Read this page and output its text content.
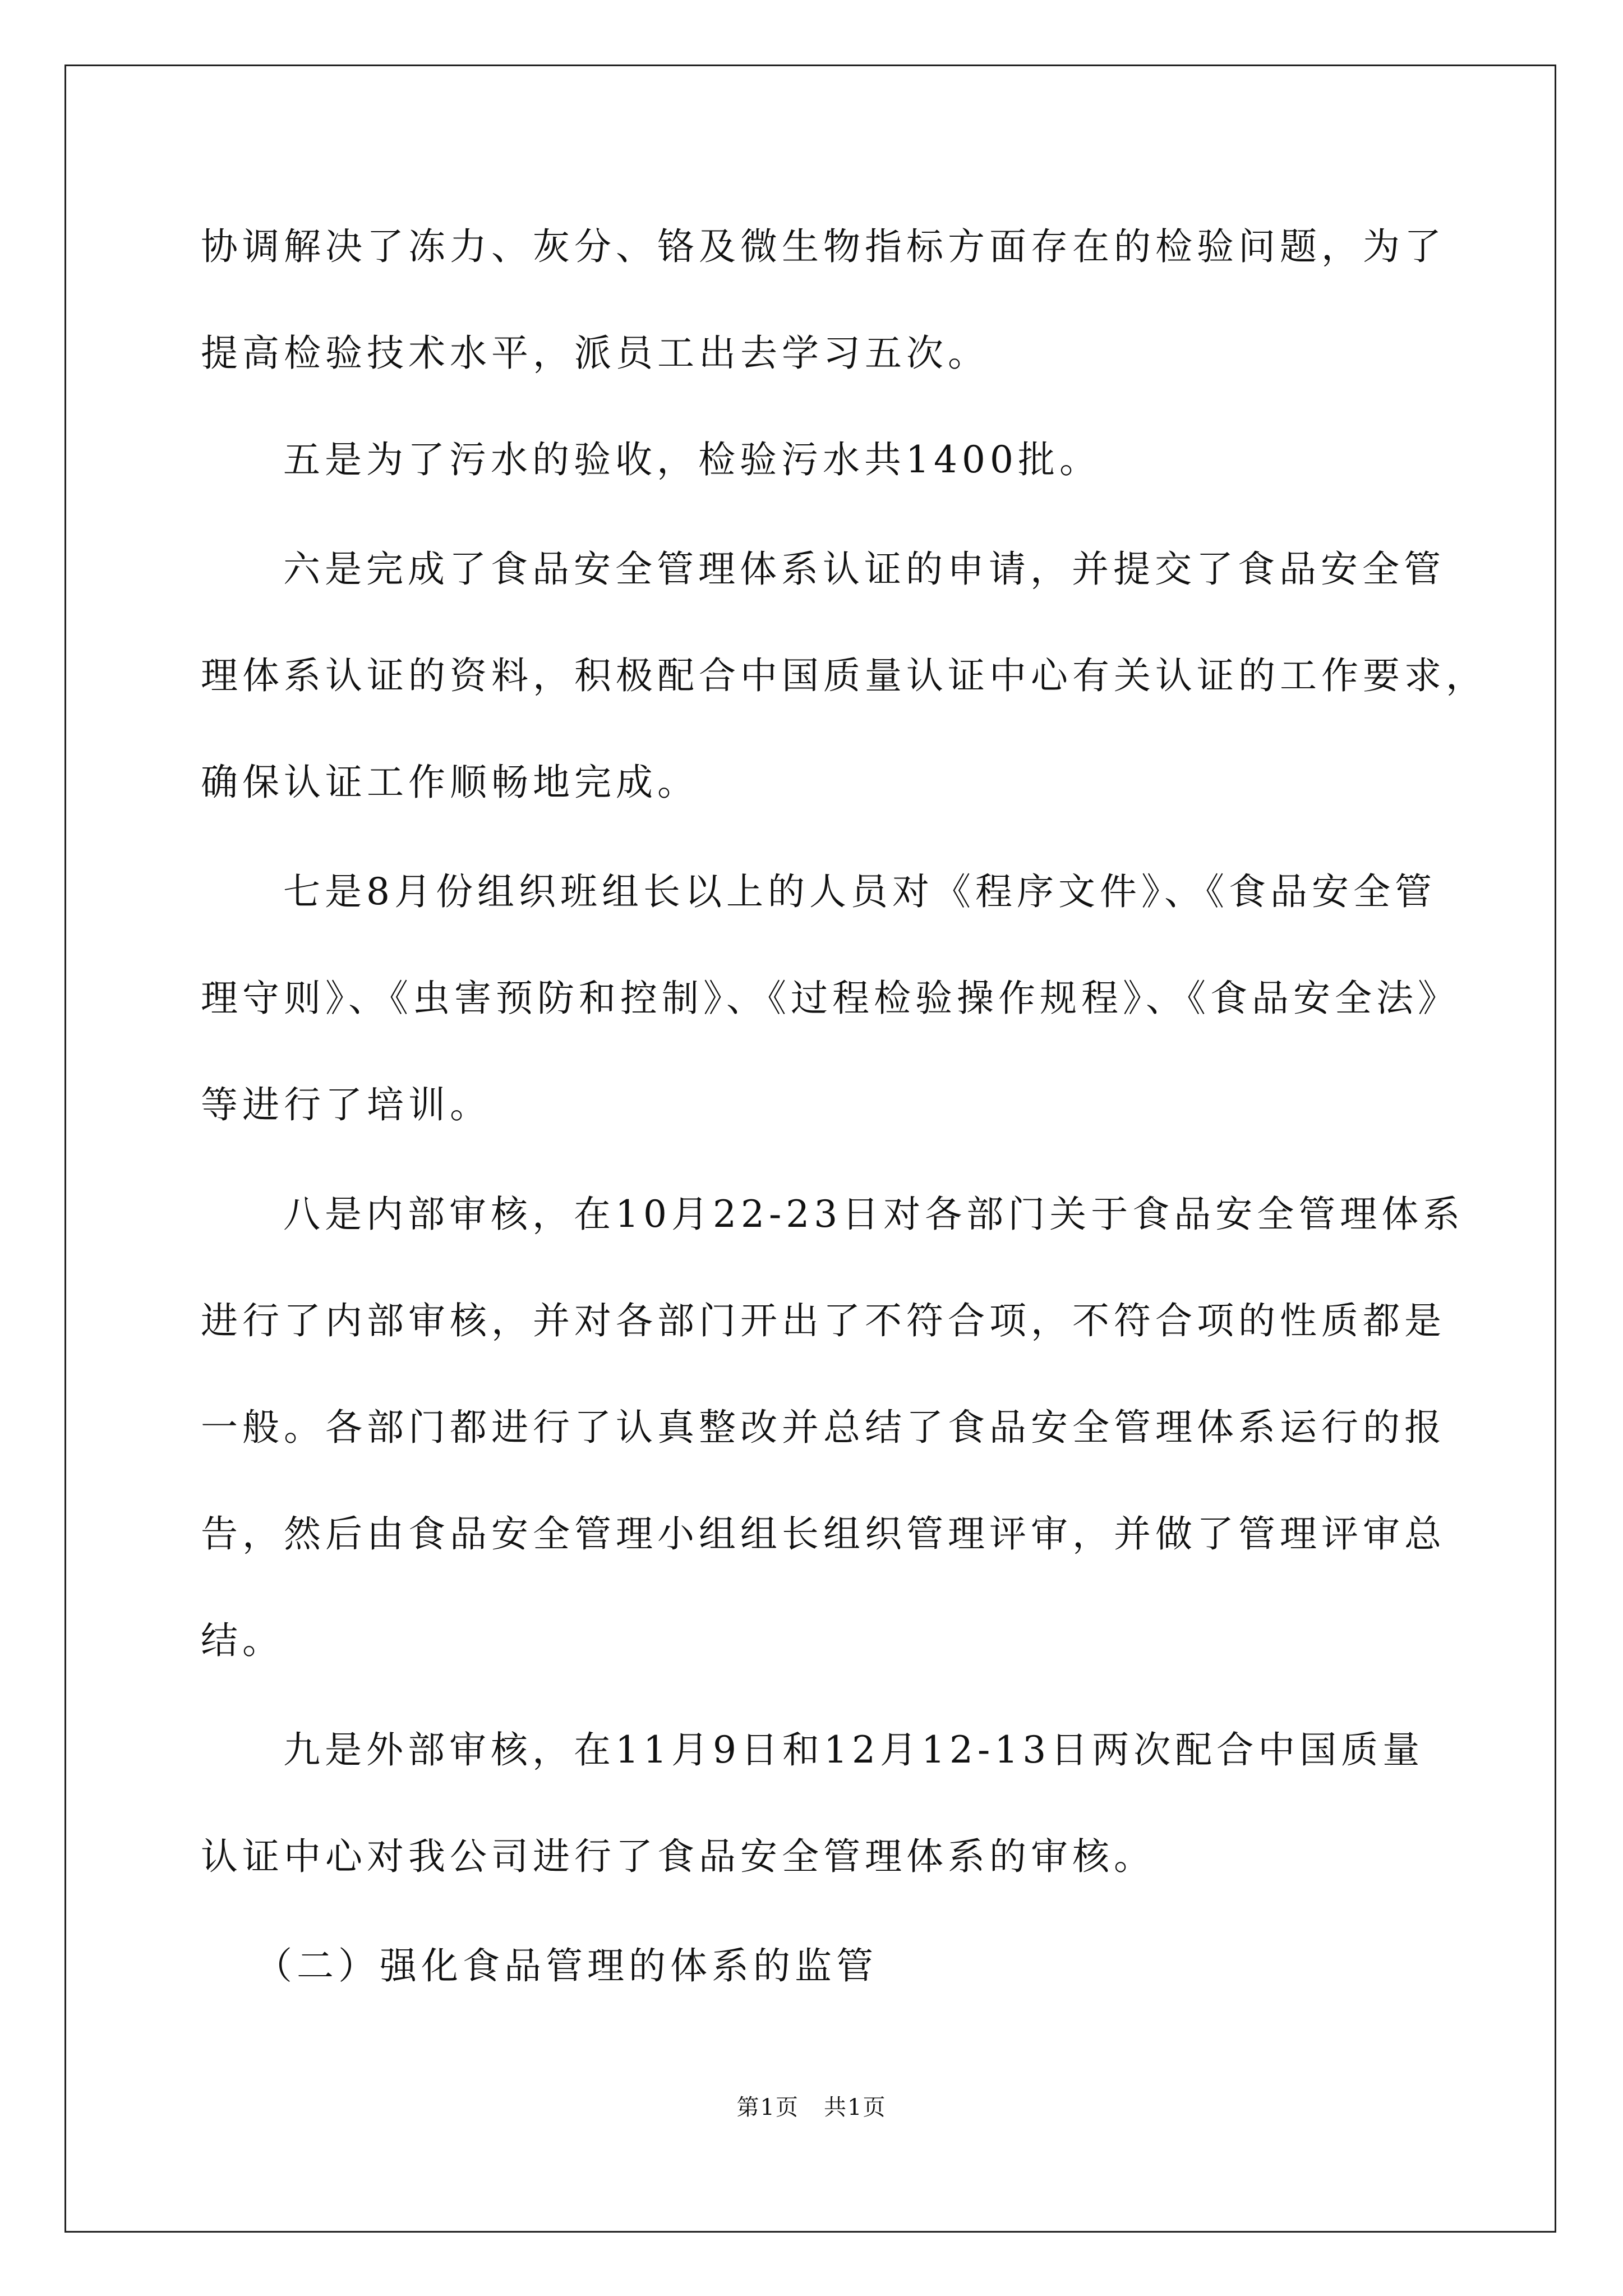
协调解决了冻力、灰分、铬及微生物指标方面存在的检验问题，为了
提高检验技术水平，派员工出去学习五次。
五是为了污水的验收，检验污水共1400批。
六是完成了食品安全管理体系认证的申请，并提交了食品安全管
理体系认证的资料，积极配合中国质量认证中心有关认证的工作要求，
确保认证工作顺畅地完成。
七是8月份组织班组长以上的人员对《程序文件》、《食品安全管
理守则》、《虫害预防和控制》、《过程检验操作规程》、《食品安全法》
等进行了培训。
八是内部审核，在10月22-23日对各部门关于食品安全管理体系
进行了内部审核，并对各部门开出了不符合项，不符合项的性质都是
一般。各部门都进行了认真整改并总结了食品安全管理体系运行的报
告，然后由食品安全管理小组组长组织管理评审，并做了管理评审总
结。
九是外部审核，在11月9日和12月12-13日两次配合中国质量
认证中心对我公司进行了食品安全管理体系的审核。
（二）强化食品管理的体系的监管
第1页 共1页
